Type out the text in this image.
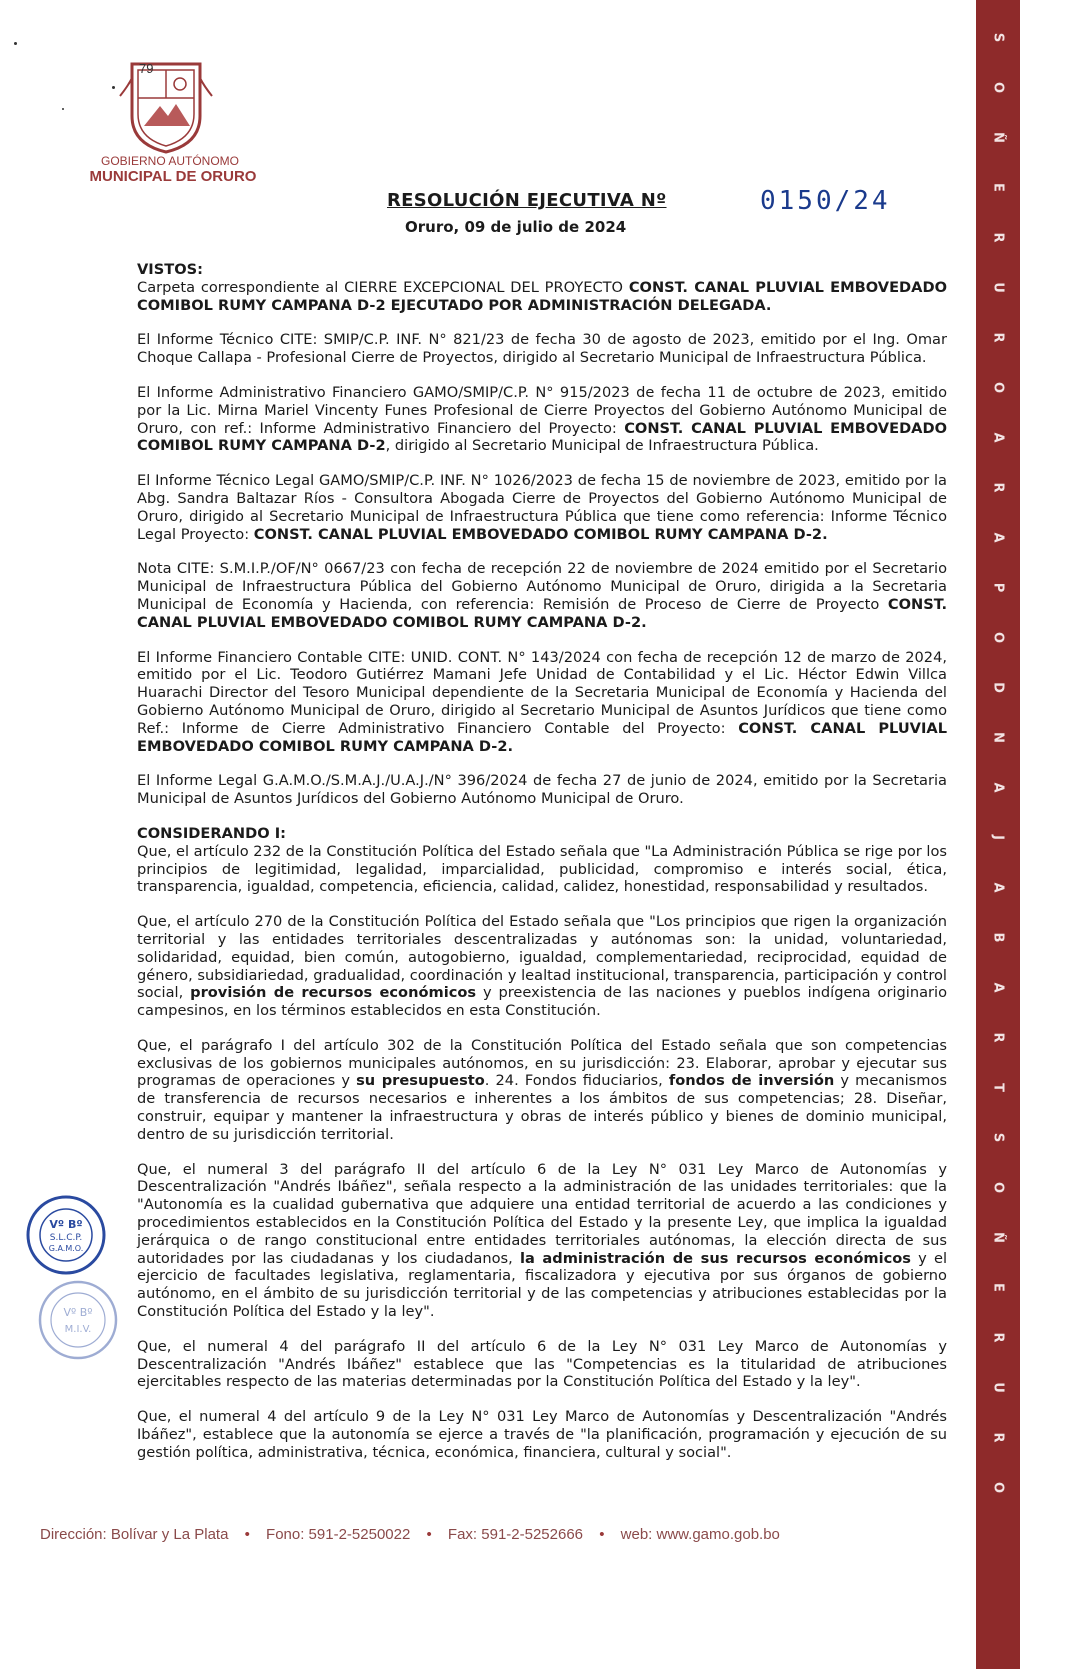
79
GOBIERNO AUTÓNOMO
MUNICIPAL DE ORURO
RESOLUCIÓN EJECUTIVA Nº	0150/24
Oruro, 09 de julio de 2024
VISTOS:

Carpeta correspondiente al CIERRE EXCEPCIONAL DEL PROYECTO CONST. CANAL PLUVIAL EMBOVEDADO COMIBOL RUMY CAMPANA D-2 EJECUTADO POR ADMINISTRACIÓN DELEGADA.

El Informe Técnico CITE: SMIP/C.P. INF. N° 821/23 de fecha 30 de agosto de 2023, emitido por el Ing. Omar Choque Callapa - Profesional Cierre de Proyectos, dirigido al Secretario Municipal de Infraestructura Pública.

El Informe Administrativo Financiero GAMO/SMIP/C.P. N° 915/2023 de fecha 11 de octubre de 2023, emitido por la Lic. Mirna Mariel Vincenty Funes Profesional de Cierre Proyectos del Gobierno Autónomo Municipal de Oruro, con ref.: Informe Administrativo Financiero del Proyecto: CONST. CANAL PLUVIAL EMBOVEDADO COMIBOL RUMY CAMPANA D-2, dirigido al Secretario Municipal de Infraestructura Pública.

El Informe Técnico Legal GAMO/SMIP/C.P. INF. N° 1026/2023 de fecha 15 de noviembre de 2023, emitido por la Abg. Sandra Baltazar Ríos - Consultora Abogada Cierre de Proyectos del Gobierno Autónomo Municipal de Oruro, dirigido al Secretario Municipal de Infraestructura Pública que tiene como referencia: Informe Técnico Legal Proyecto: CONST. CANAL PLUVIAL EMBOVEDADO COMIBOL RUMY CAMPANA D-2.

Nota CITE: S.M.I.P./OF/N° 0667/23 con fecha de recepción 22 de noviembre de 2024 emitido por el Secretario Municipal de Infraestructura Pública del Gobierno Autónomo Municipal de Oruro, dirigida a la Secretaria Municipal de Economía y Hacienda, con referencia: Remisión de Proceso de Cierre de Proyecto CONST. CANAL PLUVIAL EMBOVEDADO COMIBOL RUMY CAMPANA D-2.

El Informe Financiero Contable CITE: UNID. CONT. N° 143/2024 con fecha de recepción 12 de marzo de 2024, emitido por el Lic. Teodoro Gutiérrez Mamani Jefe Unidad de Contabilidad y el Lic. Héctor Edwin Villca Huarachi Director del Tesoro Municipal dependiente de la Secretaria Municipal de Economía y Hacienda del Gobierno Autónomo Municipal de Oruro, dirigido al Secretario Municipal de Asuntos Jurídicos que tiene como Ref.: Informe de Cierre Administrativo Financiero Contable del Proyecto: CONST. CANAL PLUVIAL EMBOVEDADO COMIBOL RUMY CAMPANA D-2.

El Informe Legal G.A.M.O./S.M.A.J./U.A.J./N° 396/2024 de fecha 27 de junio de 2024, emitido por la Secretaria Municipal de Asuntos Jurídicos del Gobierno Autónomo Municipal de Oruro.

CONSIDERANDO I:

Que, el artículo 232 de la Constitución Política del Estado señala que "La Administración Pública se rige por los principios de legitimidad, legalidad, imparcialidad, publicidad, compromiso e interés social, ética, transparencia, igualdad, competencia, eficiencia, calidad, calidez, honestidad, responsabilidad y resultados.

Que, el artículo 270 de la Constitución Política del Estado señala que "Los principios que rigen la organización territorial y las entidades territoriales descentralizadas y autónomas son: la unidad, voluntariedad, solidaridad, equidad, bien común, autogobierno, igualdad, complementariedad, reciprocidad, equidad de género, subsidiariedad, gradualidad, coordinación y lealtad institucional, transparencia, participación y control social, provisión de recursos económicos y preexistencia de las naciones y pueblos indígena originario campesinos, en los términos establecidos en esta Constitución.

Que, el parágrafo I del artículo 302 de la Constitución Política del Estado señala que son competencias exclusivas de los gobiernos municipales autónomos, en su jurisdicción: 23. Elaborar, aprobar y ejecutar sus programas de operaciones y su presupuesto. 24. Fondos fiduciarios, fondos de inversión y mecanismos de transferencia de recursos necesarios e inherentes a los ámbitos de sus competencias; 28. Diseñar, construir, equipar y mantener la infraestructura y obras de interés público y bienes de dominio municipal, dentro de su jurisdicción territorial.

Que, el numeral 3 del parágrafo II del artículo 6 de la Ley N° 031 Ley Marco de Autonomías y Descentralización "Andrés Ibáñez", señala respecto a la administración de las unidades territoriales: que la "Autonomía es la cualidad gubernativa que adquiere una entidad territorial de acuerdo a las condiciones y procedimientos establecidos en la Constitución Política del Estado y la presente Ley, que implica la igualdad jerárquica o de rango constitucional entre entidades territoriales autónomas, la elección directa de sus autoridades por las ciudadanas y los ciudadanos, la administración de sus recursos económicos y el ejercicio de facultades legislativa, reglamentaria, fiscalizadora y ejecutiva por sus órganos de gobierno autónomo, en el ámbito de su jurisdicción territorial y de las competencias y atribuciones establecidas por la Constitución Política del Estado y la ley".

Que, el numeral 4 del parágrafo II del artículo 6 de la Ley N° 031 Ley Marco de Autonomías y Descentralización "Andrés Ibáñez" establece que las "Competencias es la titularidad de atribuciones ejercitables respecto de las materias determinadas por la Constitución Política del Estado y la ley".

Que, el numeral 4 del artículo 9 de la Ley N° 031 Ley Marco de Autonomías y Descentralización "Andrés Ibáñez", establece que la autonomía se ejerce a través de "la planificación, programación y ejecución de su gestión política, administrativa, técnica, económica, financiera, cultural y social".

Vº Bº
S.L.C.P.
G.A.M.O.
Vº Bº
M.I.V.
S
O
Ñ
E
R
U
R
O
A
R
A
P
O
D
N
A
J
A
B
A
R
T
S
O
Ñ
E
R
U
R
O
Dirección: Bolívar y La Plata • Fono: 591-2-5250022 • Fax: 591-2-5252666 • web: www.gamo.gob.bo
